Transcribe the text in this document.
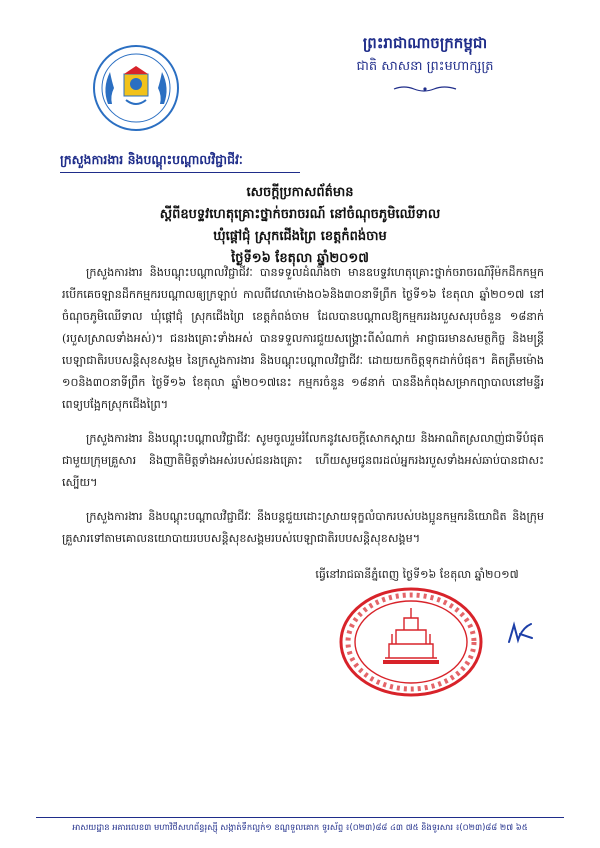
ព្រះរាជាណាចក្រកម្ពុជា
ជាតិ សាសនា ព្រះមហាក្សត្រ
ក្រសួងការងារ និងបណ្តុះបណ្តាលវិជ្ជាជីវៈ
សេចក្តីប្រកាសព័ត៌មាន
ស្តីពីឧបទ្ទវហេតុគ្រោះថ្នាក់ចរាចរណ៍ នៅចំណុចភូមិឈើទាល
ឃុំផ្តៅជុំ ស្រុកជើងព្រៃ ខេត្តកំពង់ចាម
ថ្ងៃទី១៦ ខែតុលា ឆ្នាំ២០១៧

ក្រសួងការងារ និងបណ្តុះបណ្តាលវិជ្ជាជីវៈ បានទទួលដំណឹងថា មានឧបទ្ទវហេតុគ្រោះថ្នាក់ចរាចរណ៍រ៉ឺម៉កដឹកកម្មករបើកគេចឡានដឹកកម្មករបណ្តាលឲ្យក្រឡាប់ កាលពីវេលាម៉ោង០៦និង៣០នាទីព្រឹក ថ្ងៃទី១៦ ខែតុលា ឆ្នាំ២០១៧ នៅចំណុចភូមិឈើទាល ឃុំផ្តៅជុំ ស្រុកជើងព្រៃ ខេត្តកំពង់ចាម ដែលបានបណ្តាលឱ្យកម្មកររងរបួសសរុបចំនួន ១៨នាក់ (របួសស្រាលទាំងអស់)។ ជនរងគ្រោះទាំងអស់ បានទទួលការជួយសង្គ្រោះពីសំណាក់ អាជ្ញាធរមានសមត្ថកិច្ច និងមន្ត្រីបេឡាជាតិរបបសន្តិសុខសង្គម នៃក្រសួងការងារ និងបណ្តុះបណ្តាលវិជ្ជាជីវៈ ដោយយកចិត្តទុកដាក់បំផុត។ គិតត្រឹមម៉ោង ១០និង៣០នាទីព្រឹក ថ្ងៃទី១៦ ខែតុលា ឆ្នាំ២០១៧នេះ កម្មករចំនួន ១៨នាក់ បាននឹងកំពុងសម្រាកព្យាបាលនៅមន្ទីរពេទ្យបង្អែកស្រុកជើងព្រៃ។

ក្រសួងការងារ និងបណ្តុះបណ្តាលវិជ្ជាជីវៈ សូមចូលរួមរំលែកនូវសេចក្តីសោកស្តាយ និងអាណិតស្រលាញ់ជាទីបំផុតជាមួយក្រុមគ្រួសារ និងញាតិមិត្តទាំងអស់របស់ជនរងគ្រោះ ហើយសូមជូនពរដល់អ្នករងរបួសទាំងអស់ឆាប់បានជាសះស្បើយ។

ក្រសួងការងារ និងបណ្តុះបណ្តាលវិជ្ជាជីវៈ នឹងបន្តជួយដោះស្រាយទុក្ខលំបាករបស់បងប្អូនកម្មករនិយោជិត និងក្រុមគ្រួសារទៅតាមគោលនយោបាយរបបសន្តិសុខសង្គមរបស់បេឡាជាតិរបបសន្តិសុខសង្គម។

ធ្វើនៅរាជធានីភ្នំពេញ ថ្ងៃទី១៦ ខែតុលា ឆ្នាំ២០១៧
អាសយដ្ឋាន អគារលេខ៣ មហាវិថីសហព័ន្ធរុស្ស៊ី សង្កាត់ទឹកល្អក់១ ខណ្ឌទួលគោក ទូរស័ព្ទ ៖(០២៣)៨៨ ៤៣ ៧៥ និងទូរសារ ៖(០២៣)៨៨ ២៧ ៦៥
